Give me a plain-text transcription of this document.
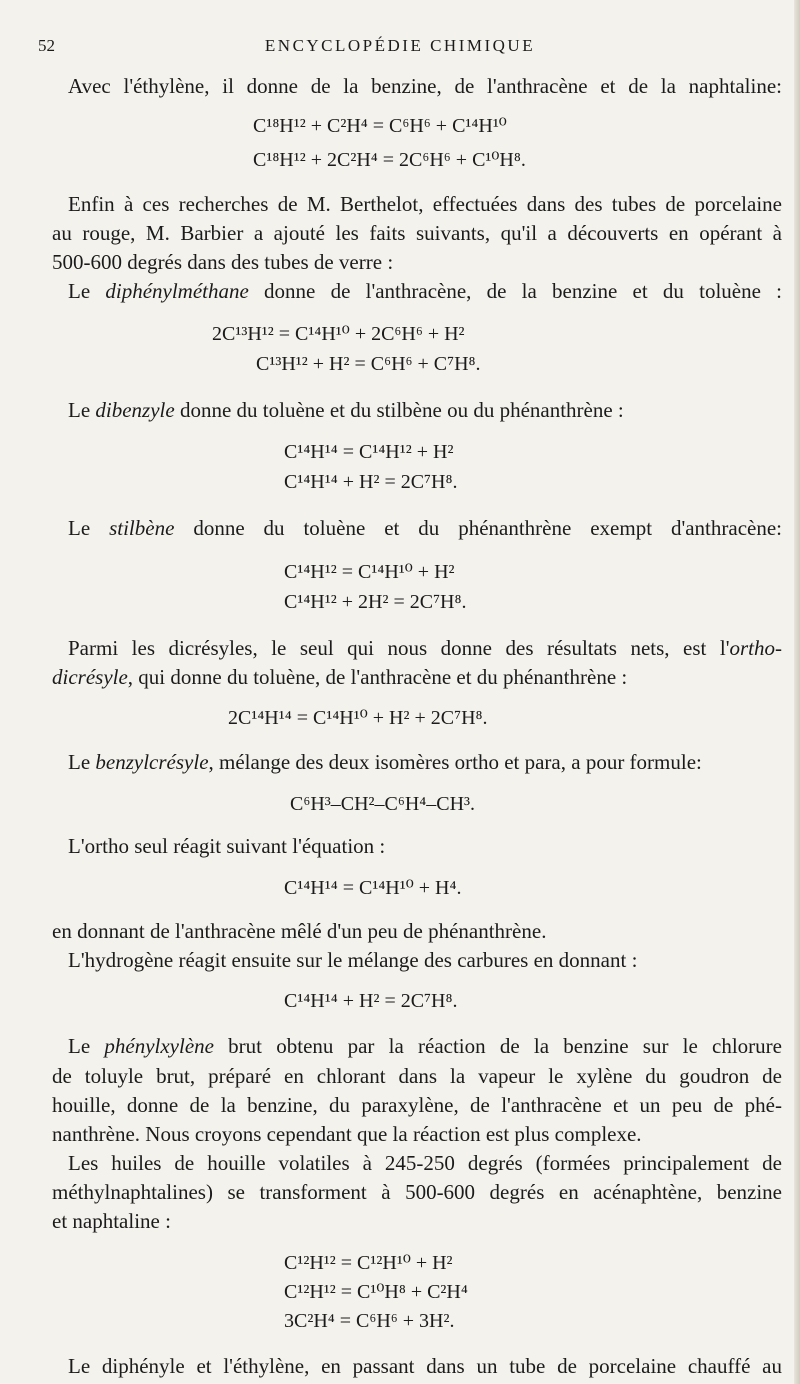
52	ENCYCLOPÉDIE CHIMIQUE
Avec l'éthylène, il donne de la benzine, de l'anthracène et de la naphtaline:
C¹⁸H¹² + C²H⁴ = C⁶H⁶ + C¹⁴H¹⁰
C¹⁸H¹² + 2C²H⁴ = 2C⁶H⁶ + C¹⁰H⁸.
Enfin à ces recherches de M. Berthelot, effectuées dans des tubes de porcelaine
au rouge, M. Barbier a ajouté les faits suivants, qu'il a découverts en opérant à
500-600 degrés dans des tubes de verre :
Le diphénylméthane donne de l'anthracène, de la benzine et du toluène :
2C¹³H¹² = C¹⁴H¹⁰ + 2C⁶H⁶ + H²
C¹³H¹² + H² = C⁶H⁶ + C⁷H⁸.
Le dibenzyle donne du toluène et du stilbène ou du phénanthrène :
C¹⁴H¹⁴ = C¹⁴H¹² + H²
C¹⁴H¹⁴ + H² = 2C⁷H⁸.
Le stilbène donne du toluène et du phénanthrène exempt d'anthracène:
C¹⁴H¹² = C¹⁴H¹⁰ + H²
C¹⁴H¹² + 2H² = 2C⁷H⁸.
Parmi les dicrésyles, le seul qui nous donne des résultats nets, est l'ortho-
dicrésyle, qui donne du toluène, de l'anthracène et du phénanthrène :
2C¹⁴H¹⁴ = C¹⁴H¹⁰ + H² + 2C⁷H⁸.
Le benzylcrésyle, mélange des deux isomères ortho et para, a pour formule:
C⁶H³–CH²–C⁶H⁴–CH³.
L'ortho seul réagit suivant l'équation :
C¹⁴H¹⁴ = C¹⁴H¹⁰ + H⁴.
en donnant de l'anthracène mêlé d'un peu de phénanthrène.
L'hydrogène réagit ensuite sur le mélange des carbures en donnant :
C¹⁴H¹⁴ + H² = 2C⁷H⁸.
Le phénylxylène brut obtenu par la réaction de la benzine sur le chlorure
de toluyle brut, préparé en chlorant dans la vapeur le xylène du goudron de
houille, donne de la benzine, du paraxylène, de l'anthracène et un peu de phé-
nanthrène. Nous croyons cependant que la réaction est plus complexe.
Les huiles de houille volatiles à 245-250 degrés (formées principalement de
méthylnaphtalines) se transforment à 500-600 degrés en acénaphtène, benzine
et naphtaline :
C¹²H¹² = C¹²H¹⁰ + H²
C¹²H¹² = C¹⁰H⁸ + C²H⁴
3C²H⁴ = C⁶H⁶ + 3H².
Le diphényle et l'éthylène, en passant dans un tube de porcelaine chauffé au
